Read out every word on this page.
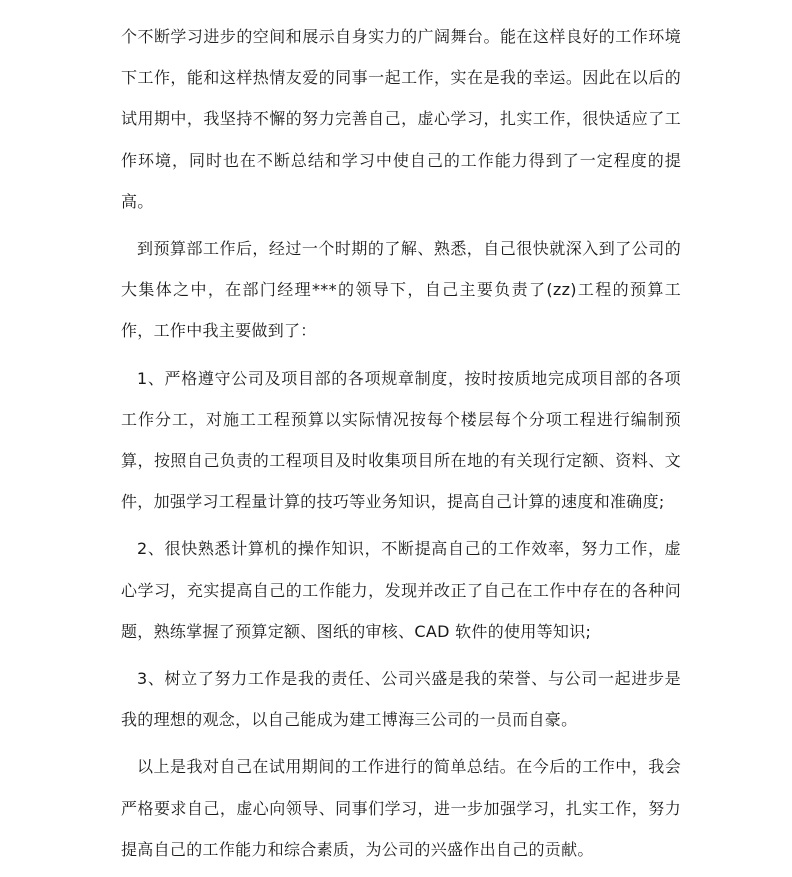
个不断学习进步的空间和展示自身实力的广阔舞台。能在这样良好的工作环境下工作，能和这样热情友爱的同事一起工作，实在是我的幸运。因此在以后的试用期中，我坚持不懈的努力完善自己，虚心学习，扎实工作，很快适应了工作环境，同时也在不断总结和学习中使自己的工作能力得到了一定程度的提高。

到预算部工作后，经过一个时期的了解、熟悉，自己很快就深入到了公司的大集体之中，在部门经理***的领导下，自己主要负责了(zz)工程的预算工作，工作中我主要做到了：

1、严格遵守公司及项目部的各项规章制度，按时按质地完成项目部的各项工作分工，对施工工程预算以实际情况按每个楼层每个分项工程进行编制预算，按照自己负责的工程项目及时收集项目所在地的有关现行定额、资料、文件，加强学习工程量计算的技巧等业务知识，提高自己计算的速度和准确度;

2、很快熟悉计算机的操作知识，不断提高自己的工作效率，努力工作，虚心学习，充实提高自己的工作能力，发现并改正了自己在工作中存在的各种问题，熟练掌握了预算定额、图纸的审核、CAD 软件的使用等知识;

3、树立了努力工作是我的责任、公司兴盛是我的荣誉、与公司一起进步是我的理想的观念，以自己能成为建工博海三公司的一员而自豪。

以上是我对自己在试用期间的工作进行的简单总结。在今后的工作中，我会严格要求自己，虚心向领导、同事们学习，进一步加强学习，扎实工作，努力提高自己的工作能力和综合素质，为公司的兴盛作出自己的贡献。
